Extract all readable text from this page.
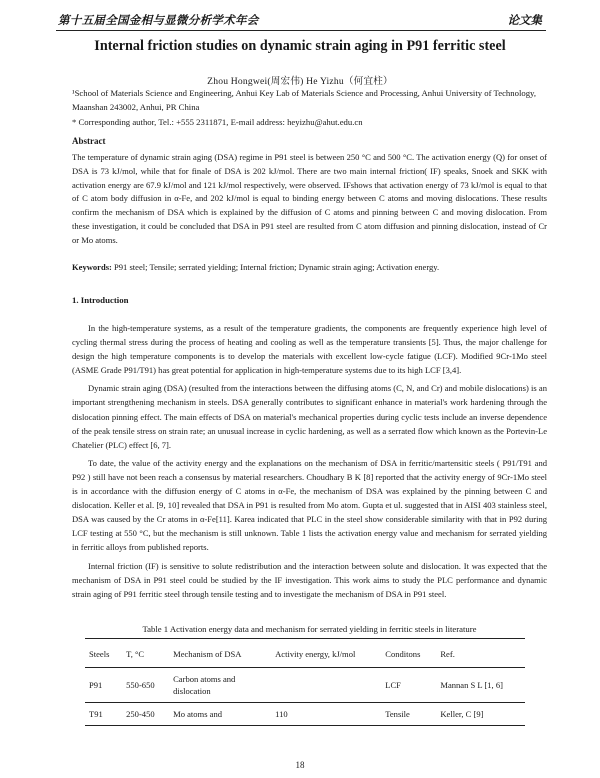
第十五届全国金相与显微分析学术年会	论文集
Internal friction studies on dynamic strain aging in P91 ferritic steel
Zhou Hongwei(周宏伟) He Yizhu（何宜柱）
¹School of Materials Science and Engineering, Anhui Key Lab of Materials Science and Processing, Anhui University of Technology, Maanshan 243002, Anhui, PR China
* Corresponding author, Tel.: +555 2311871, E-mail address: heyizhu@ahut.edu.cn
Abstract
The temperature of dynamic strain aging (DSA) regime in P91 steel is between 250 °C and 500 °C. The activation energy (Q) for onset of DSA is 73 kJ/mol, while that for finale of DSA is 202 kJ/mol. There are two main internal friction( IF) speaks, Snoek and SKK with activation energy are 67.9 kJ/mol and 121 kJ/mol respectively, were observed. IFshows that activation energy of 73 kJ/mol is equal to that of C atom body diffusion in α-Fe, and 202 kJ/mol is equal to binding energy between C atoms and moving dislocations. These results confirm the mechanism of DSA which is explained by the diffusion of C atoms and pinning between C and moving dislocation. From these investigation, it could be concluded that DSA in P91 steel are resulted from C atom diffusion and pinning dislocation, instead of Cr or Mo atoms.
Keywords: P91 steel; Tensile; serrated yielding; Internal friction; Dynamic strain aging; Activation energy.
1. Introduction

In the high-temperature systems, as a result of the temperature gradients, the components are frequently experience high level of cycling thermal stress during the process of heating and cooling as well as the temperature transients [5]. Thus, the major challenge for design the high temperature components is to develop the materials with excellent low-cycle fatigue (LCF). Modified 9Cr-1Mo steel (ASME Grade P91/T91) has great potential for application in high-temperature systems due to its high LCF [3,4].

Dynamic strain aging (DSA) (resulted from the interactions between the diffusing atoms (C, N, and Cr) and mobile dislocations) is an important strengthening mechanism in steels. DSA generally contributes to significant enhance in material's work hardening through the dislocation pinning effect. The main effects of DSA on material's mechanical properties during cyclic tests include an inverse dependence of the peak tensile stress on strain rate; an unusual increase in cyclic hardening, as well as a serrated flow which known as the Portevin-Le Chatelier (PLC) effect [6, 7].

To date, the value of the activity energy and the explanations on the mechanism of DSA in ferritic/martensitic steels ( P91/T91 and P92 ) still have not been reach a consensus by material researchers. Choudhary B K [8] reported that the activity energy of 9Cr-1Mo steel is in accordance with the diffusion energy of C atoms in α-Fe, the mechanism of DSA was explained by the pinning between C and dislocation. Keller et al. [9, 10] revealed that DSA in P91 is resulted from Mo atom. Gupta et ul. suggested that in AISI 403 stainless steel, DSA was caused by the Cr atoms in α-Fe[11]. Karea indicated that PLC in the steel show considerable similarity with that in P92 during LCF testing at 550 °C, but the mechanism is still unknown. Table 1 lists the activation energy value and mechanism for serrated yielding in ferritic alloys from published reports.

Internal friction (IF) is sensitive to solute redistribution and the interaction between solute and dislocation. It was expected that the mechanism of DSA in P91 steel could be studied by the IF investigation. This work aims to study the PLC performance and dynamic strain aging of P91 ferritic steel through tensile testing and to investigate the mechanism of DSA in P91 steel.

Table 1 Activation energy data and mechanism for serrated yielding in ferritic steels in literature
Steels	T, °C	Mechanism of DSA	Activity energy, kJ/mol	Conditons	Ref.
P91	550-650	Carbon atoms and dislocation		LCF	Mannan S L [1, 6]
T91	250-450	Mo atoms and	110	Tensile	Keller, C [9]
18
